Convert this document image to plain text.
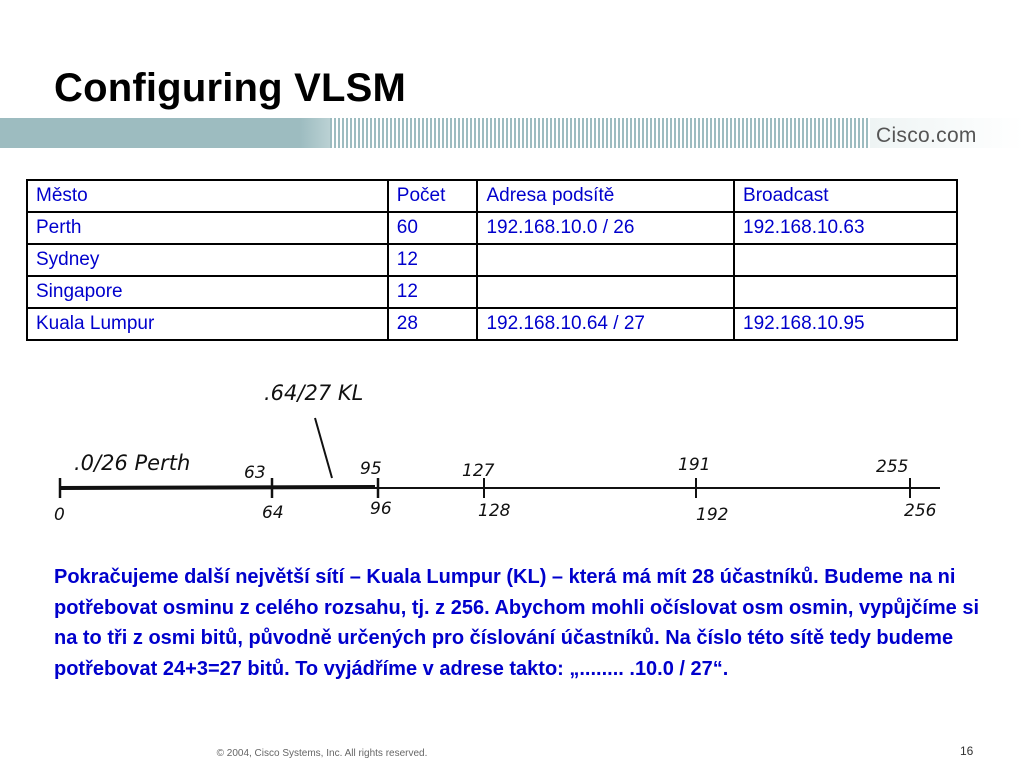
Configuring VLSM
Cisco.com
Město	Počet	Adresa podsítě	Broadcast
Perth	60	192.168.10.0 / 26	192.168.10.63
Sydney	12		
Singapore	12		
Kuala Lumpur	28	192.168.10.64 / 27	192.168.10.95
.64/27 KL
.0/26 Perth	63	95	127	191	255
0	64	96	128	192	256

Pokračujeme další největší sítí – Kuala Lumpur (KL) – která má mít 28 účastníků. Budeme na ni potřebovat osminu z celého rozsahu, tj. z 256. Abychom mohli očíslovat osm osmin, vypůjčíme si na to tři z osmi bitů, původně určených pro číslování účastníků. Na číslo této sítě tedy budeme potřebovat 24+3=27 bitů. To vyjádříme v adrese takto: „........ .10.0 / 27“.

© 2004, Cisco Systems, Inc. All rights reserved.	16
